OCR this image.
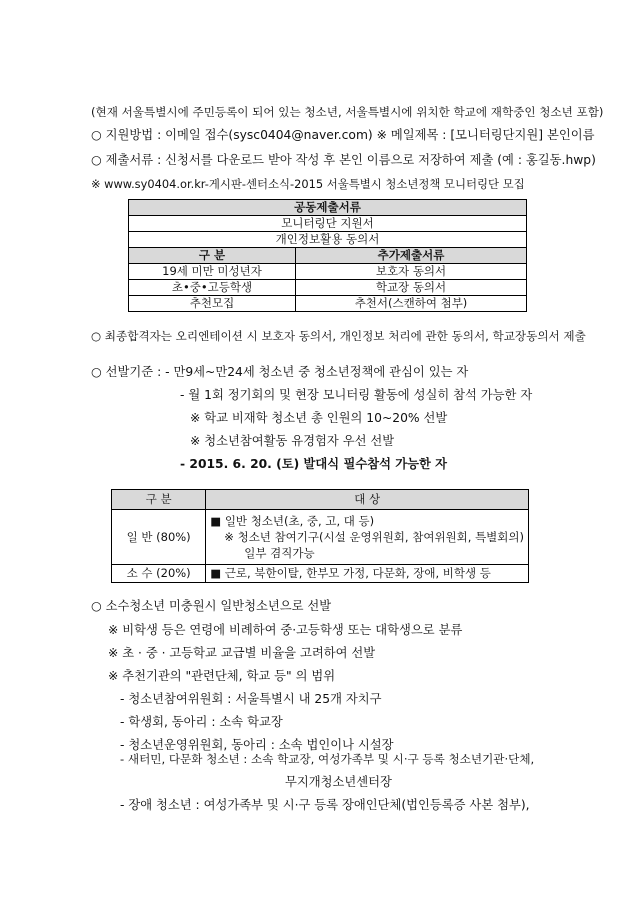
(현재 서울특별시에 주민등록이 되어 있는 청소년, 서울특별시에 위치한 학교에 재학중인 청소년 포함)
○ 지원방법 : 이메일 접수(sysc0404@naver.com) ※ 메일제목 : [모니터링단지원] 본인이름
○ 제출서류 : 신청서를 다운로드 받아 작성 후 본인 이름으로 저장하여 제출 (예 : 홍길동.hwp)
※ www.sy0404.or.kr-게시판-센터소식-2015 서울특별시 청소년정책 모니터링단 모집
공동제출서류	
모니터링단 지원서	
개인정보활용 동의서	
구 분	추가제출서류
19세 미만 미성년자	보호자 동의서
초•중•고등학생	학교장 동의서
추천모집	추천서(스캔하여 첨부)
○ 최종합격자는 오리엔테이션 시 보호자 동의서, 개인정보 처리에 관한 동의서, 학교장동의서 제출
○ 선발기준 : - 만9세~만24세 청소년 중 청소년정책에 관심이 있는 자
- 월 1회 정기회의 및 현장 모니터링 활동에 성실히 참석 가능한 자
※ 학교 비재학 청소년 총 인원의 10~20% 선발
※ 청소년참여활동 유경험자 우선 선발
- 2015. 6. 20. (토) 발대식 필수참석 가능한 자
구 분	대 상
일 반 (80%)	■ 일반 청소년(초, 중, 고, 대 등)
※ 청소년 참여기구(시설 운영위원회, 참여위원회, 특별회의)
일부 겸직가능

소 수 (20%)	■ 근로, 북한이탈, 한부모 가정, 다문화, 장애, 비학생 등
○ 소수청소년 미충원시 일반청소년으로 선발
※ 비학생 등은 연령에 비례하여 중·고등학생 또는 대학생으로 분류
※ 초 · 중 · 고등학교 교급별 비율을 고려하여 선발
※ 추천기관의 "관련단체, 학교 등" 의 범위
- 청소년참여위원회 : 서울특별시 내 25개 자치구
- 학생회, 동아리 : 소속 학교장
- 청소년운영위원회, 동아리 : 소속 법인이나 시설장
- 새터민, 다문화 청소년 : 소속 학교장, 여성가족부 및 시·구 등록 청소년기관·단체,
무지개청소년센터장
- 장애 청소년 : 여성가족부 및 시·구 등록 장애인단체(법인등록증 사본 첨부),
